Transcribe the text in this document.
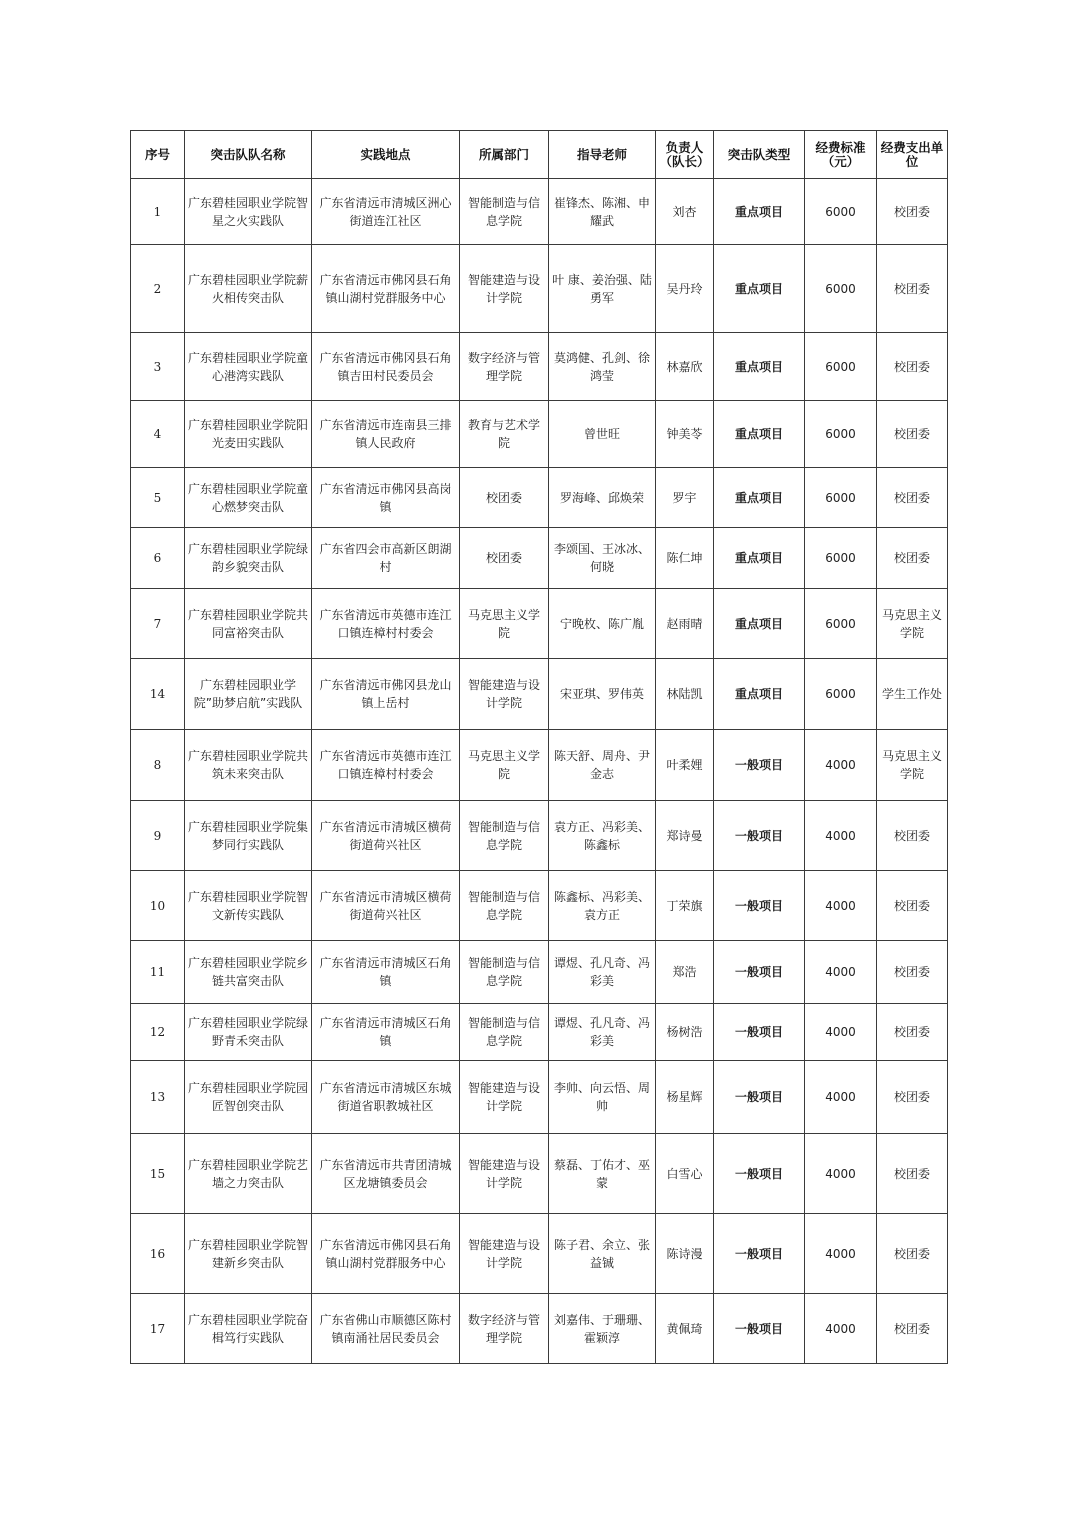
序号	突击队队名称	实践地点	所属部门	指导老师	负责人（队长）	突击队类型	经费标准（元）	经费支出单位
1	广东碧桂园职业学院智星之火实践队	广东省清远市清城区洲心街道连江社区	智能制造与信息学院	崔锋杰、陈湘、申耀武	刘杏	重点项目	6000	校团委
2	广东碧桂园职业学院薪火相传突击队	广东省清远市佛冈县石角镇山湖村党群服务中心	智能建造与设计学院	叶 康、姜治强、陆勇军	吴丹玲	重点项目	6000	校团委
3	广东碧桂园职业学院童心港湾实践队	广东省清远市佛冈县石角镇吉田村民委员会	数字经济与管理学院	莫鸿健、孔剑、徐鸿莹	林嘉欣	重点项目	6000	校团委
4	广东碧桂园职业学院阳光麦田实践队	广东省清远市连南县三排镇人民政府	教育与艺术学院	曾世旺	钟美苓	重点项目	6000	校团委
5	广东碧桂园职业学院童心燃梦突击队	广东省清远市佛冈县高岗镇	校团委	罗海峰、邱焕荣	罗宇	重点项目	6000	校团委
6	广东碧桂园职业学院绿韵乡貌突击队	广东省四会市高新区朗湖村	校团委	李颂国、王冰冰、何晓	陈仁坤	重点项目	6000	校团委
7	广东碧桂园职业学院共同富裕突击队	广东省清远市英德市连江口镇连樟村村委会	马克思主义学院	宁晚枚、陈广胤	赵雨晴	重点项目	6000	马克思主义学院
14	广东碧桂园职业学院”助梦启航”实践队	广东省清远市佛冈县龙山镇上岳村	智能建造与设计学院	宋亚琪、罗伟英	林陆凯	重点项目	6000	学生工作处
8	广东碧桂园职业学院共筑未来突击队	广东省清远市英德市连江口镇连樟村村委会	马克思主义学院	陈天舒、周舟、尹金志	叶柔娌	一般项目	4000	马克思主义学院
9	广东碧桂园职业学院集梦同行实践队	广东省清远市清城区横荷街道荷兴社区	智能制造与信息学院	袁方正、冯彩美、陈鑫标	郑诗曼	一般项目	4000	校团委
10	广东碧桂园职业学院智文新传实践队	广东省清远市清城区横荷街道荷兴社区	智能制造与信息学院	陈鑫标、冯彩美、袁方正	丁荣旗	一般项目	4000	校团委
11	广东碧桂园职业学院乡链共富突击队	广东省清远市清城区石角镇	智能制造与信息学院	谭煜、孔凡奇、冯彩美	郑浩	一般项目	4000	校团委
12	广东碧桂园职业学院绿野青禾突击队	广东省清远市清城区石角镇	智能制造与信息学院	谭煜、孔凡奇、冯彩美	杨树浩	一般项目	4000	校团委
13	广东碧桂园职业学院园匠智创突击队	广东省清远市清城区东城街道省职教城社区	智能建造与设计学院	李帅、向云悟、周帅	杨星辉	一般项目	4000	校团委
15	广东碧桂园职业学院艺墙之力突击队	广东省清远市共青团清城区龙塘镇委员会	智能建造与设计学院	蔡磊、丁佑才、巫蒙	白雪心	一般项目	4000	校团委
16	广东碧桂园职业学院智建新乡突击队	广东省清远市佛冈县石角镇山湖村党群服务中心	智能建造与设计学院	陈子君、余立、张益铖	陈诗漫	一般项目	4000	校团委
17	广东碧桂园职业学院奋楫笃行实践队	广东省佛山市顺德区陈村镇南涌社居民委员会	数字经济与管理学院	刘嘉伟、于珊珊、霍颖淳	黄佩琦	一般项目	4000	校团委
